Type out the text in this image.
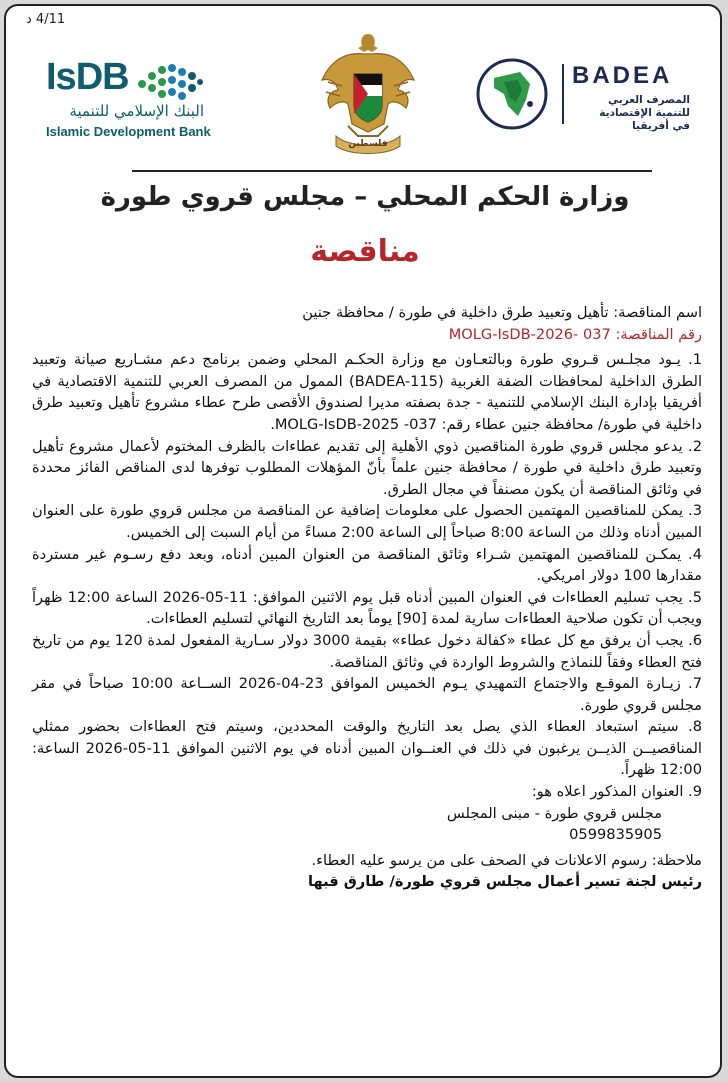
4/11 د
BADEA
المصرف العربي
للتنمية الإقتصادية
في أفريقيا
فلسطين
IsDB
البنك الإسلامي للتنمية
Islamic Development Bank
وزارة الحكم المحلي – مجلس قروي طورة
مناقصة

اسم المناقصة: تأهيل وتعبيد طرق داخلية في طورة / محافظة جنين

رقم المناقصة: MOLG-IsDB-2026- 037

1. يـود مجلـس قـروي طورة وبالتعـاون مع وزارة الحكـم المحلي وضمن برنامج دعم مشـاريع صيانة وتعبيد الطرق الداخلية لمحافظات الضفة الغربية (BADEA-115) الممول من المصرف العربي للتنمية الاقتصادية في أفريقيا بإدارة البنك الإسلامي للتنمية - جدة بصفته مديرا لصندوق الأقصى طرح عطاء مشروع تأهيل وتعبيد طرق داخلية في طورة/ محافظة جنين عطاء رقم: 037- MOLG-IsDB-2025.

2. يدعو مجلس قروي طورة المناقصين ذوي الأهلية إلى تقديم عطاءات بالظرف المختوم لأعمال مشروع تأهيل وتعبيد طرق داخلية في طورة / محافظة جنين علماً بأنّ المؤهلات المطلوب توفرها لدى المناقص الفائز محددة في وثائق المناقصة أن يكون مصنفاً في مجال الطرق.

3. يمكن للمناقصين المهتمين الحصول على معلومات إضافية عن المناقصة من مجلس قروي طورة على العنوان المبين أدناه وذلك من الساعة 8:00 صباحاً إلى الساعة 2:00 مساءً من أيام السبت إلى الخميس.

4. يمكـن للمناقصين المهتمين شـراء وثائق المناقصة من العنوان المبين أدناه، وبعد دفع رسـوم غير مستردة مقدارها 100 دولار امريكي.

5. يجب تسليم العطاءات في العنوان المبين أدناه قبل يوم الاثنين الموافق: 11-05-2026 الساعة 12:00 ظهراً ويجب أن تكون صلاحية العطاءات سارية لمدة [90] يوماً بعد التاريخ النهائي لتسليم العطاءات.

6. يجب أن يرفق مع كل عطاء «كفالة دخول عطاء» بقيمة 3000 دولار سـارية المفعول لمدة 120 يوم من تاريخ فتح العطاء وفقاً للنماذج والشروط الواردة في وثائق المناقصة.

7. زيـارة الموقـع والاجتماع التمهيدي يـوم الخميس الموافق 23-04-2026 الســاعة 10:00 صباحاً في مقر مجلس قروي طورة.

8. سيتم استبعاد العطاء الذي يصل بعد التاريخ والوقت المحددين، وسيتم فتح العطاءات بحضور ممثلي المناقصيــن الذيــن يرغبون في ذلك في العنــوان المبين أدناه في يوم الاثنين الموافق 11-05-2026 الساعة: 12:00 ظهراً.

9. العنوان المذكور اعلاه هو:

مجلس قروي طورة - مبنى المجلس

0599835905

ملاحظة: رسوم الاعلانات في الصحف على من يرسو عليه العطاء.

رئيس لجنة تسير أعمال مجلس قروي طورة/ طارق قبها
